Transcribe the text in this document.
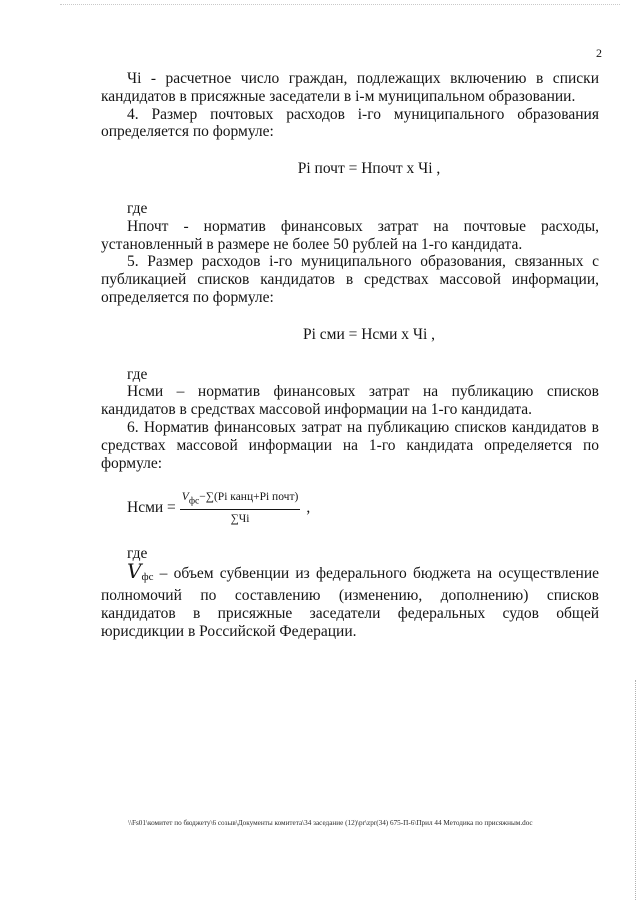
2

Чi - расчетное число граждан, подлежащих включению в списки кандидатов в присяжные заседатели в i-м муниципальном образовании.

4. Размер почтовых расходов i-го муниципального образования определяется по формуле:

Рi почт = Нпочт х Чi ,

где

Нпочт - норматив финансовых затрат на почтовые расходы, установленный в размере не более 50 рублей на 1-го кандидата.

5. Размер расходов i-го муниципального образования, связанных с публикацией списков кандидатов в средствах массовой информации, определяется по формуле:

Рi сми = Нсми х Чi ,

где

Нсми – норматив финансовых затрат на публикацию списков кандидатов в средствах массовой информации на 1-го кандидата.

6. Норматив финансовых затрат на публикацию списков кандидатов в средствах массовой информации на 1-го кандидата определяется по формуле:

Нсми = $\frac{V_{фс}-\sum(Pi канц+Pi почт)}{\sum Чi}$ ,

где

Vфс – объем субвенции из федерального бюджета на осуществление полномочий по составлению (изменению, дополнению) списков кандидатов в присяжные заседатели федеральных судов общей юрисдикции в Российской Федерации.

\\Fs01\комитет по бюджету\6 созыв\Документы комитета\34 заседание (12)\pr\zpr(34) 675-П-6\Прил 44 Методика по присяжным.doc
